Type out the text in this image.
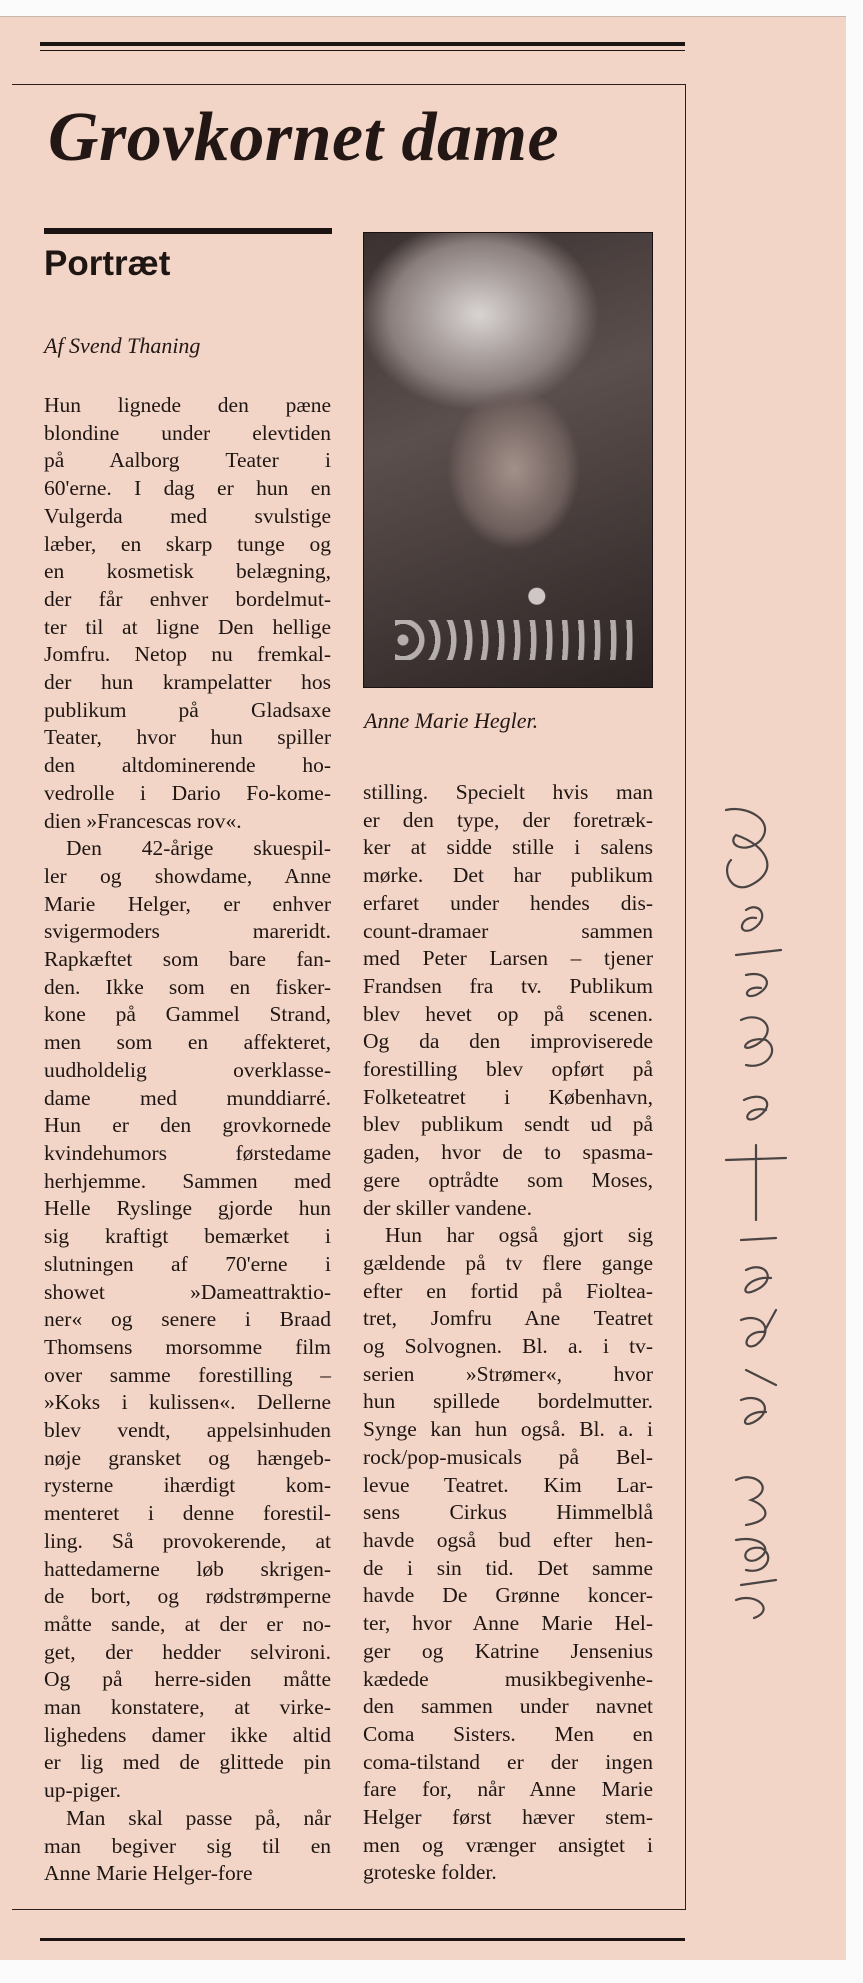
Grovkornet dame
Portræt
Af Svend Thaning
Anne Marie Hegler.
Hun lignede den pæne
blondine under elevtiden
på Aalborg Teater i
60'erne. I dag er hun en
Vulgerda med svulstige
læber, en skarp tunge og
en kosmetisk belægning,
der får enhver bordelmut-
ter til at ligne Den hellige
Jomfru. Netop nu fremkal-
der hun krampelatter hos
publikum på Gladsaxe
Teater, hvor hun spiller
den altdominerende ho-
vedrolle i Dario Fo-kome-
dien »Francescas rov«.
Den 42-årige skuespil-
ler og showdame, Anne
Marie Helger, er enhver
svigermoders mareridt.
Rapkæftet som bare fan-
den. Ikke som en fisker-
kone på Gammel Strand,
men som en affekteret,
uudholdelig overklasse-
dame med munddiarré.
Hun er den grovkornede
kvindehumors førstedame
herhjemme. Sammen med
Helle Ryslinge gjorde hun
sig kraftigt bemærket i
slutningen af 70'erne i
showet »Dameattraktio-
ner« og senere i Braad
Thomsens morsomme film
over samme forestilling –
»Koks i kulissen«. Dellerne
blev vendt, appelsinhuden
nøje gransket og hængeb-
rysterne ihærdigt kom-
menteret i denne forestil-
ling. Så provokerende, at
hattedamerne løb skrigen-
de bort, og rødstrømperne
måtte sande, at der er no-
get, der hedder selvironi.
Og på herre-siden måtte
man konstatere, at virke-
lighedens damer ikke altid
er lig med de glittede pin
up-piger.
Man skal passe på, når
man begiver sig til en
Anne Marie Helger-fore
stilling. Specielt hvis man
er den type, der foretræk-
ker at sidde stille i salens
mørke. Det har publikum
erfaret under hendes dis-
count-dramaer sammen
med Peter Larsen – tjener
Frandsen fra tv. Publikum
blev hevet op på scenen.
Og da den improviserede
forestilling blev opført på
Folketeatret i København,
blev publikum sendt ud på
gaden, hvor de to spasma-
gere optrådte som Moses,
der skiller vandene.
Hun har også gjort sig
gældende på tv flere gange
efter en fortid på Fiolteа-
tret, Jomfru Ane Teatret
og Solvognen. Bl. a. i tv-
serien »Strømer«, hvor
hun spillede bordelmutter.
Synge kan hun også. Bl. a. i
rock/pop-musicals på Bel-
levue Teatret. Kim Lar-
sens Cirkus Himmelblå
havde også bud efter hen-
de i sin tid. Det samme
havde De Grønne koncer-
ter, hvor Anne Marie Hel-
ger og Katrine Jensenius
kædede musikbegivenhe-
den sammen under navnet
Coma Sisters. Men en
coma-tilstand er der ingen
fare for, når Anne Marie
Helger først hæver stem-
men og vrænger ansigtet i
groteske folder.
